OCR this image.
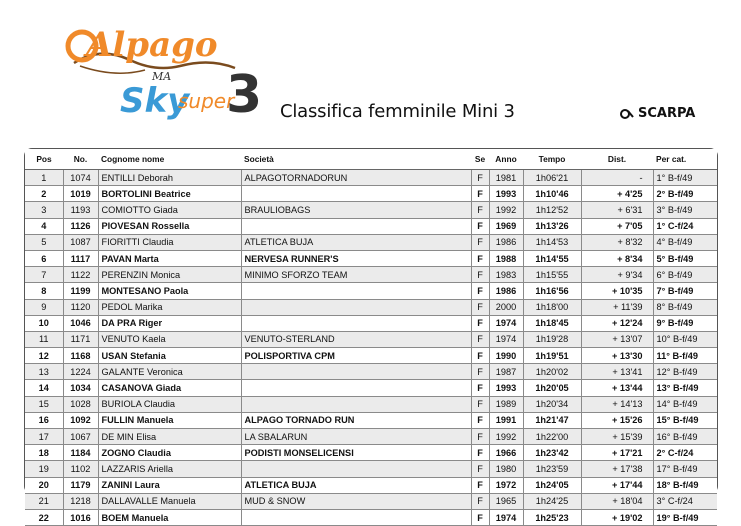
Alpago
MA
Sky
super
3 Classifica femminile Mini 3	SCARPA
Pos	No.	Cognome nome	Società	Se	Anno	Tempo	Dist.	Per cat.
1	1074	ENTILLI Deborah	ALPAGOTORNADORUN	F	1981	1h06'21	-	1° B-f/49
2	1019	BORTOLINI Beatrice		F	1993	1h10'46	+ 4'25	2° B-f/49
3	1193	COMIOTTO Giada	BRAULIOBAGS	F	1992	1h12'52	+ 6'31	3° B-f/49
4	1126	PIOVESAN Rossella		F	1969	1h13'26	+ 7'05	1° C-f/24
5	1087	FIORITTI Claudia	ATLETICA BUJA	F	1986	1h14'53	+ 8'32	4° B-f/49
6	1117	PAVAN Marta	NERVESA RUNNER'S	F	1988	1h14'55	+ 8'34	5° B-f/49
7	1122	PERENZIN Monica	MINIMO SFORZO TEAM	F	1983	1h15'55	+ 9'34	6° B-f/49
8	1199	MONTESANO Paola		F	1986	1h16'56	+ 10'35	7° B-f/49
9	1120	PEDOL Marika		F	2000	1h18'00	+ 11'39	8° B-f/49
10	1046	DA PRA Riger		F	1974	1h18'45	+ 12'24	9° B-f/49
11	1171	VENUTO Kaela	VENUTO-STERLAND	F	1974	1h19'28	+ 13'07	10° B-f/49
12	1168	USAN Stefania	POLISPORTIVA CPM	F	1990	1h19'51	+ 13'30	11° B-f/49
13	1224	GALANTE Veronica		F	1987	1h20'02	+ 13'41	12° B-f/49
14	1034	CASANOVA Giada		F	1993	1h20'05	+ 13'44	13° B-f/49
15	1028	BURIOLA Claudia		F	1989	1h20'34	+ 14'13	14° B-f/49
16	1092	FULLIN Manuela	ALPAGO TORNADO RUN	F	1991	1h21'47	+ 15'26	15° B-f/49
17	1067	DE MIN Elisa	LA SBALARUN	F	1992	1h22'00	+ 15'39	16° B-f/49
18	1184	ZOGNO Claudia	PODISTI MONSELICENSI	F	1966	1h23'42	+ 17'21	2° C-f/24
19	1102	LAZZARIS Ariella		F	1980	1h23'59	+ 17'38	17° B-f/49
20	1179	ZANINI Laura	ATLETICA BUJA	F	1972	1h24'05	+ 17'44	18° B-f/49
21	1218	DALLAVALLE Manuela	MUD & SNOW	F	1965	1h24'25	+ 18'04	3° C-f/24
22	1016	BOEM Manuela		F	1974	1h25'23	+ 19'02	19° B-f/49
